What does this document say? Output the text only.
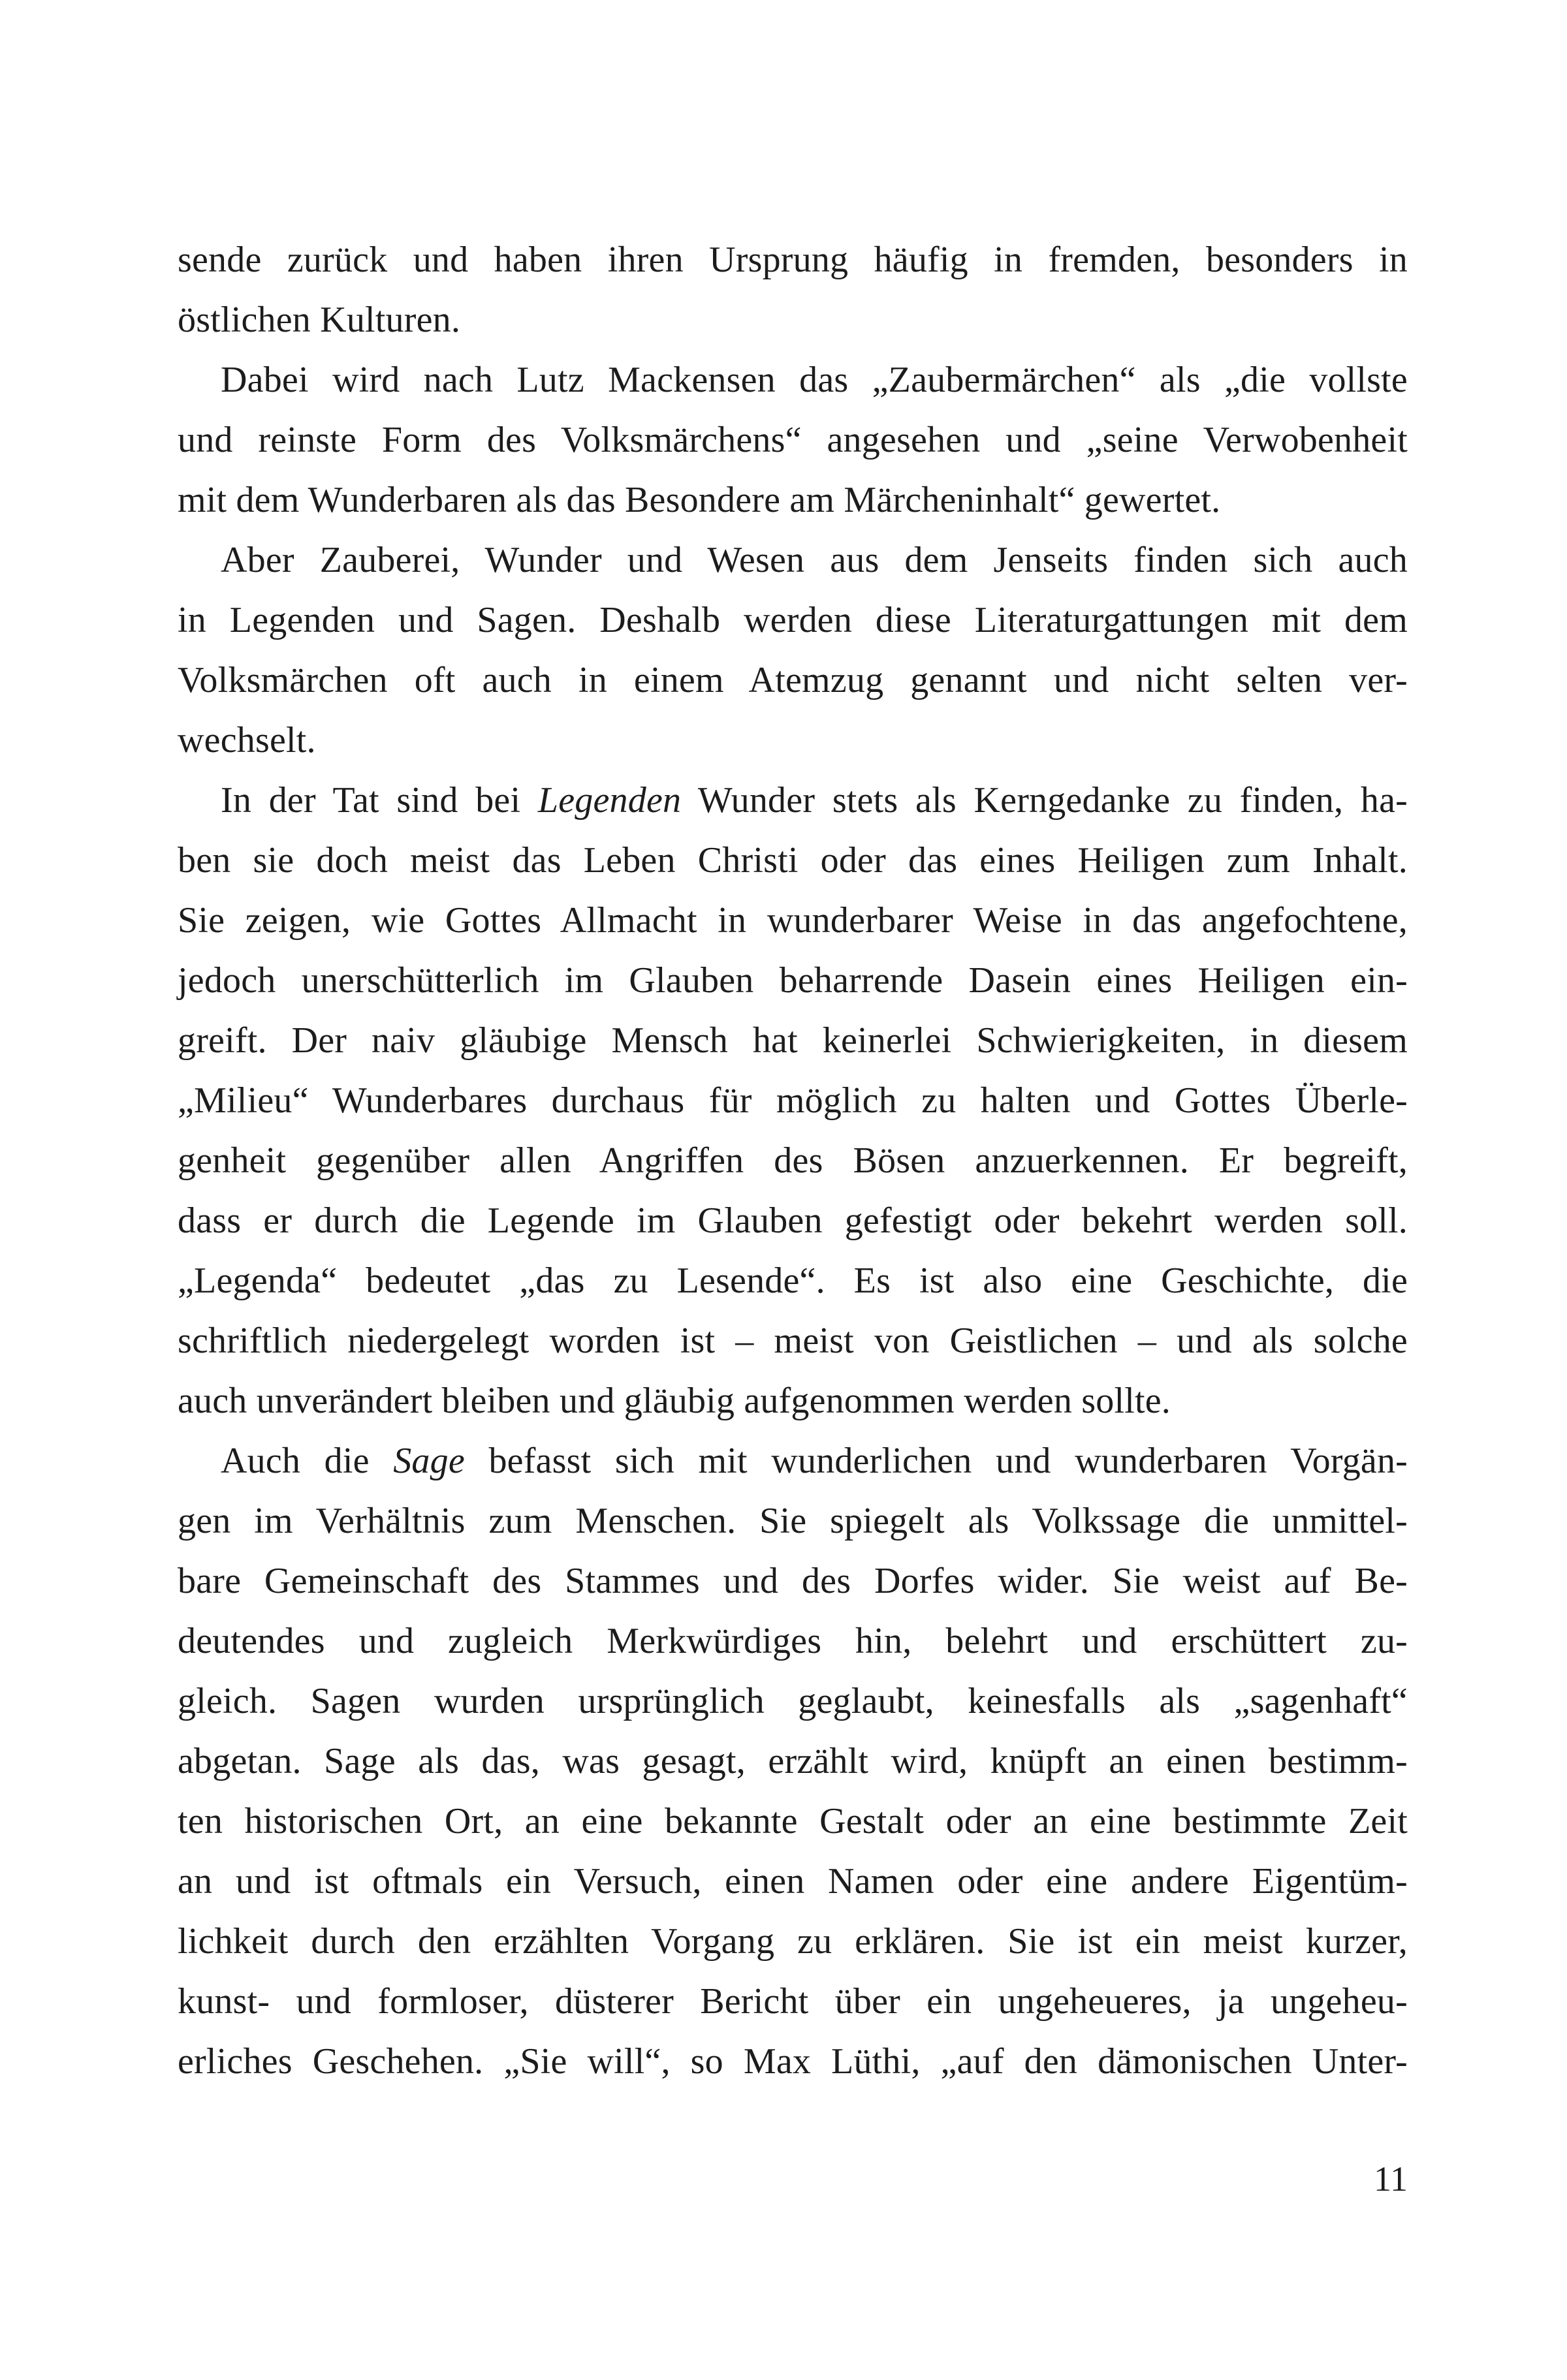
sende zurück und haben ihren Ursprung häufig in fremden, besonders in
östlichen Kulturen.
Dabei wird nach Lutz Mackensen das „Zaubermärchen“ als „die vollste
und reinste Form des Volksmärchens“ angesehen und „seine Verwobenheit
mit dem Wunderbaren als das Besondere am Märcheninhalt“ gewertet.
Aber Zauberei, Wunder und Wesen aus dem Jenseits finden sich auch
in Legenden und Sagen. Deshalb werden diese Literaturgattungen mit dem
Volksmärchen oft auch in einem Atemzug genannt und nicht selten ver-
wechselt.
In der Tat sind bei Legenden Wunder stets als Kerngedanke zu finden, ha-
ben sie doch meist das Leben Christi oder das eines Heiligen zum Inhalt.
Sie zeigen, wie Gottes Allmacht in wunderbarer Weise in das angefochtene,
jedoch unerschütterlich im Glauben beharrende Dasein eines Heiligen ein-
greift. Der naiv gläubige Mensch hat keinerlei Schwierigkeiten, in diesem
„Milieu“ Wunderbares durchaus für möglich zu halten und Gottes Überle-
genheit gegenüber allen Angriffen des Bösen anzuerkennen. Er begreift,
dass er durch die Legende im Glauben gefestigt oder bekehrt werden soll.
„Legenda“ bedeutet „das zu Lesende“. Es ist also eine Geschichte, die
schriftlich niedergelegt worden ist – meist von Geistlichen – und als solche
auch unverändert bleiben und gläubig aufgenommen werden sollte.
Auch die Sage befasst sich mit wunderlichen und wunderbaren Vorgän-
gen im Verhältnis zum Menschen. Sie spiegelt als Volkssage die unmittel-
bare Gemeinschaft des Stammes und des Dorfes wider. Sie weist auf Be-
deutendes und zugleich Merkwürdiges hin, belehrt und erschüttert zu-
gleich. Sagen wurden ursprünglich geglaubt, keinesfalls als „sagenhaft“
abgetan. Sage als das, was gesagt, erzählt wird, knüpft an einen bestimm-
ten historischen Ort, an eine bekannte Gestalt oder an eine bestimmte Zeit
an und ist oftmals ein Versuch, einen Namen oder eine andere Eigentüm-
lichkeit durch den erzählten Vorgang zu erklären. Sie ist ein meist kurzer,
kunst- und formloser, düsterer Bericht über ein ungeheueres, ja ungeheu-
erliches Geschehen. „Sie will“, so Max Lüthi, „auf den dämonischen Unter-
11
